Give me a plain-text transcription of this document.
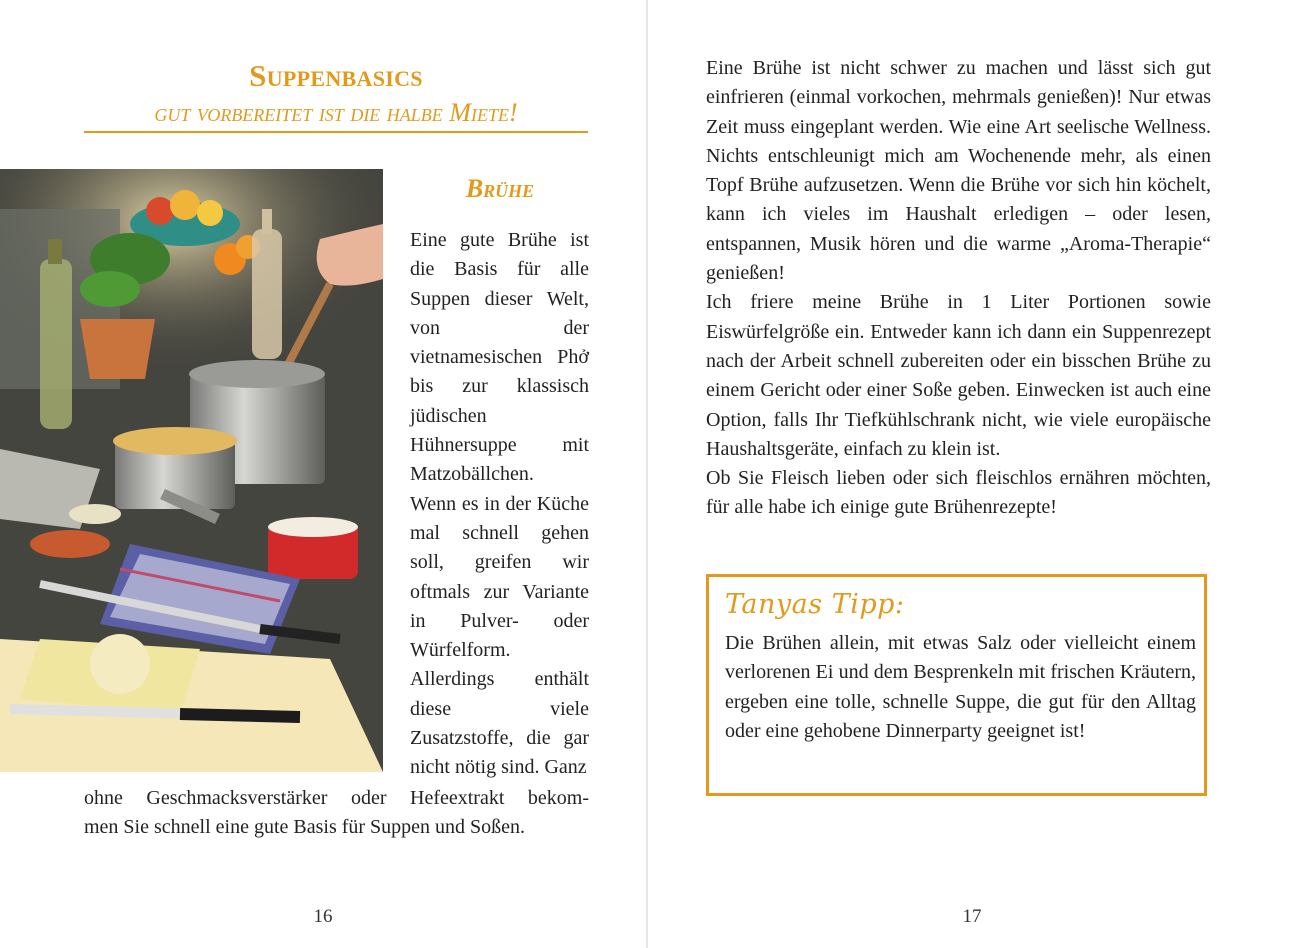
Suppenbasics
gut vorbereitet ist die halbe Miete!
Brühe

Eine gute Brühe ist die Basis für alle Suppen dieser Welt, von der vietnamesischen Phở bis zur klassisch jüdischen Hühnersuppe mit Matzobällchen.

Wenn es in der Küche mal schnell gehen soll, greifen wir oftmals zur Variante in Pulver- oder Würfelform. Allerdings enthält diese viele Zusatzstoffe, die gar nicht nötig sind. Ganz

ohne Geschmacksverstärker oder Hefeextrakt bekom-
men Sie schnell eine gute Basis für Suppen und Soßen.
16

Eine Brühe ist nicht schwer zu machen und lässt sich gut einfrieren (einmal vorkochen, mehrmals genießen)! Nur etwas Zeit muss eingeplant werden. Wie eine Art seelische Wellness. Nichts entschleunigt mich am Wochenende mehr, als einen Topf Brühe aufzusetzen. Wenn die Brühe vor sich hin köchelt, kann ich vieles im Haushalt erledigen – oder lesen, entspannen, Musik hören und die warme „Aroma-Therapie“ genießen!

Ich friere meine Brühe in 1 Liter Portionen sowie Eiswürfelgröße ein. Entweder kann ich dann ein Suppenrezept nach der Arbeit schnell zubereiten oder ein bisschen Brühe zu einem Gericht oder einer Soße geben. Einwecken ist auch eine Option, falls Ihr Tiefkühlschrank nicht, wie viele europäische Haushaltsgeräte, einfach zu klein ist.

Ob Sie Fleisch lieben oder sich fleischlos ernähren möchten, für alle habe ich einige gute Brühenrezepte!

Tanyas Tipp:
Die Brühen allein, mit etwas Salz oder vielleicht einem verlorenen Ei und dem Besprenkeln mit frischen Kräutern, ergeben eine tolle, schnelle Suppe, die gut für den Alltag oder eine gehobene Dinnerparty geeignet ist!
17
